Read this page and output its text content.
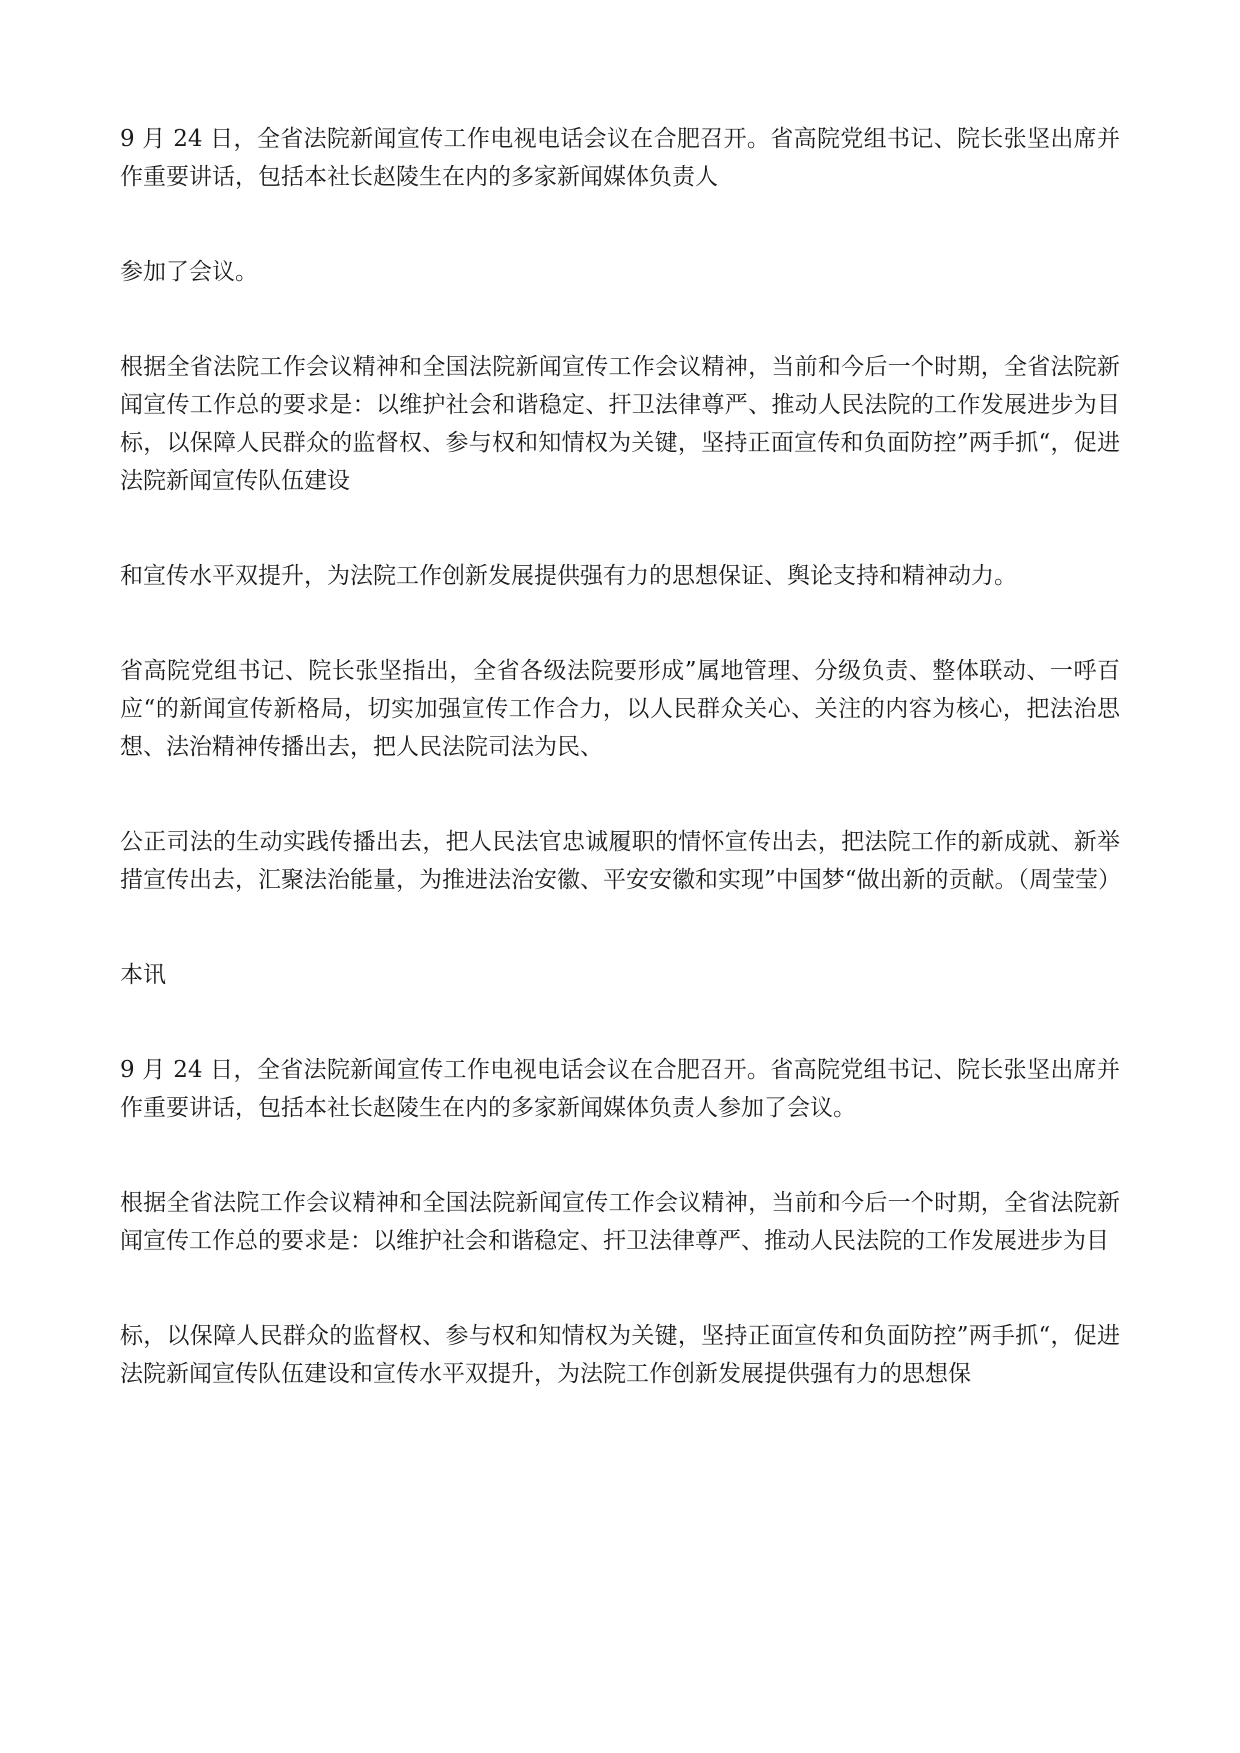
9 月 24 日，全省法院新闻宣传工作电视电话会议在合肥召开。省高院党组书记、院长张坚出席并作重要讲话，包括本社长赵陵生在内的多家新闻媒体负责人

参加了会议。

根据全省法院工作会议精神和全国法院新闻宣传工作会议精神，当前和今后一个时期，全省法院新闻宣传工作总的要求是：以维护社会和谐稳定、扞卫法律尊严、推动人民法院的工作发展进步为目标，以保障人民群众的监督权、参与权和知情权为关键，坚持正面宣传和负面防控”两手抓“，促进法院新闻宣传队伍建设

和宣传水平双提升，为法院工作创新发展提供强有力的思想保证、舆论支持和精神动力。

省高院党组书记、院长张坚指出，全省各级法院要形成”属地管理、分级负责、整体联动、一呼百应“的新闻宣传新格局，切实加强宣传工作合力，以人民群众关心、关注的内容为核心，把法治思想、法治精神传播出去，把人民法院司法为民、

公正司法的生动实践传播出去，把人民法官忠诚履职的情怀宣传出去，把法院工作的新成就、新举措宣传出去，汇聚法治能量，为推进法治安徽、平安安徽和实现”中国梦“做出新的贡献。（周莹莹）

本讯

9 月 24 日，全省法院新闻宣传工作电视电话会议在合肥召开。省高院党组书记、院长张坚出席并作重要讲话，包括本社长赵陵生在内的多家新闻媒体负责人参加了会议。

根据全省法院工作会议精神和全国法院新闻宣传工作会议精神，当前和今后一个时期，全省法院新闻宣传工作总的要求是：以维护社会和谐稳定、扞卫法律尊严、推动人民法院的工作发展进步为目

标，以保障人民群众的监督权、参与权和知情权为关键，坚持正面宣传和负面防控”两手抓“，促进法院新闻宣传队伍建设和宣传水平双提升，为法院工作创新发展提供强有力的思想保
